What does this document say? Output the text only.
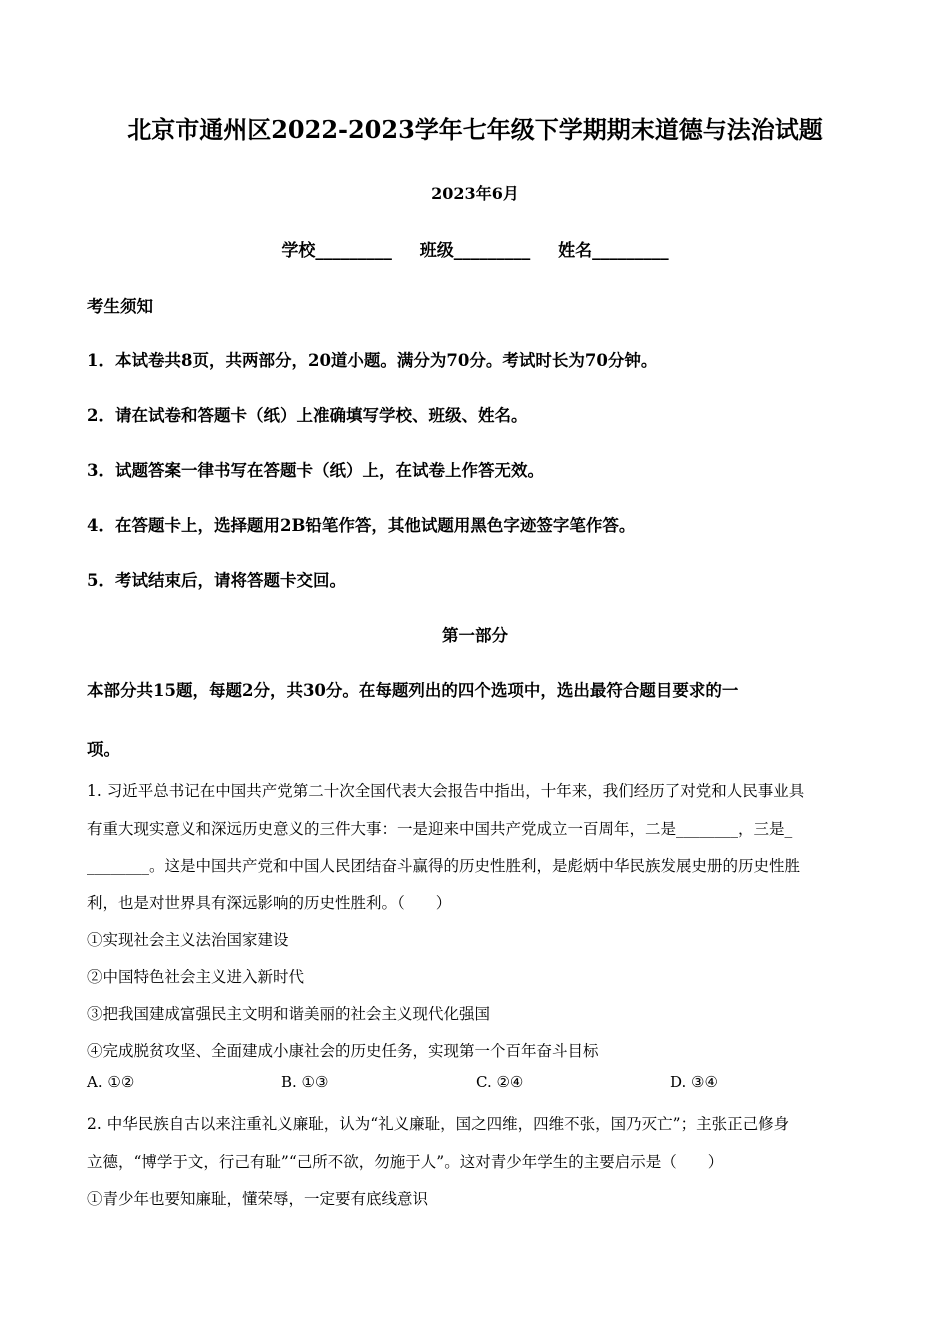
北京市通州区2022-2023学年七年级下学期期末道德与法治试题
2023年6月
学校_________ 班级_________ 姓名_________
考生须知
1．本试卷共8页，共两部分，20道小题。满分为70分。考试时长为70分钟。
2．请在试卷和答题卡（纸）上准确填写学校、班级、姓名。
3．试题答案一律书写在答题卡（纸）上，在试卷上作答无效。
4．在答题卡上，选择题用2B铅笔作答，其他试题用黑色字迹签字笔作答。
5．考试结束后，请将答题卡交回。
第一部分
本部分共15题，每题2分，共30分。在每题列出的四个选项中，选出最符合题目要求的一
项。
1. 习近平总书记在中国共产党第二十次全国代表大会报告中指出，十年来，我们经历了对党和人民事业具
有重大现实意义和深远历史意义的三件大事：一是迎来中国共产党成立一百周年，二是________，三是_
________。这是中国共产党和中国人民团结奋斗赢得的历史性胜利，是彪炳中华民族发展史册的历史性胜
利，也是对世界具有深远影响的历史性胜利。（　　）
①实现社会主义法治国家建设
②中国特色社会主义进入新时代
③把我国建成富强民主文明和谐美丽的社会主义现代化强国
④完成脱贫攻坚、全面建成小康社会的历史任务，实现第一个百年奋斗目标
A. ①②	B. ①③	C. ②④	D. ③④
2. 中华民族自古以来注重礼义廉耻，认为“礼义廉耻，国之四维，四维不张，国乃灭亡”；主张正己修身
立德，“博学于文，行己有耻”“己所不欲，勿施于人”。这对青少年学生的主要启示是（　　）
①青少年也要知廉耻，懂荣辱，一定要有底线意识
